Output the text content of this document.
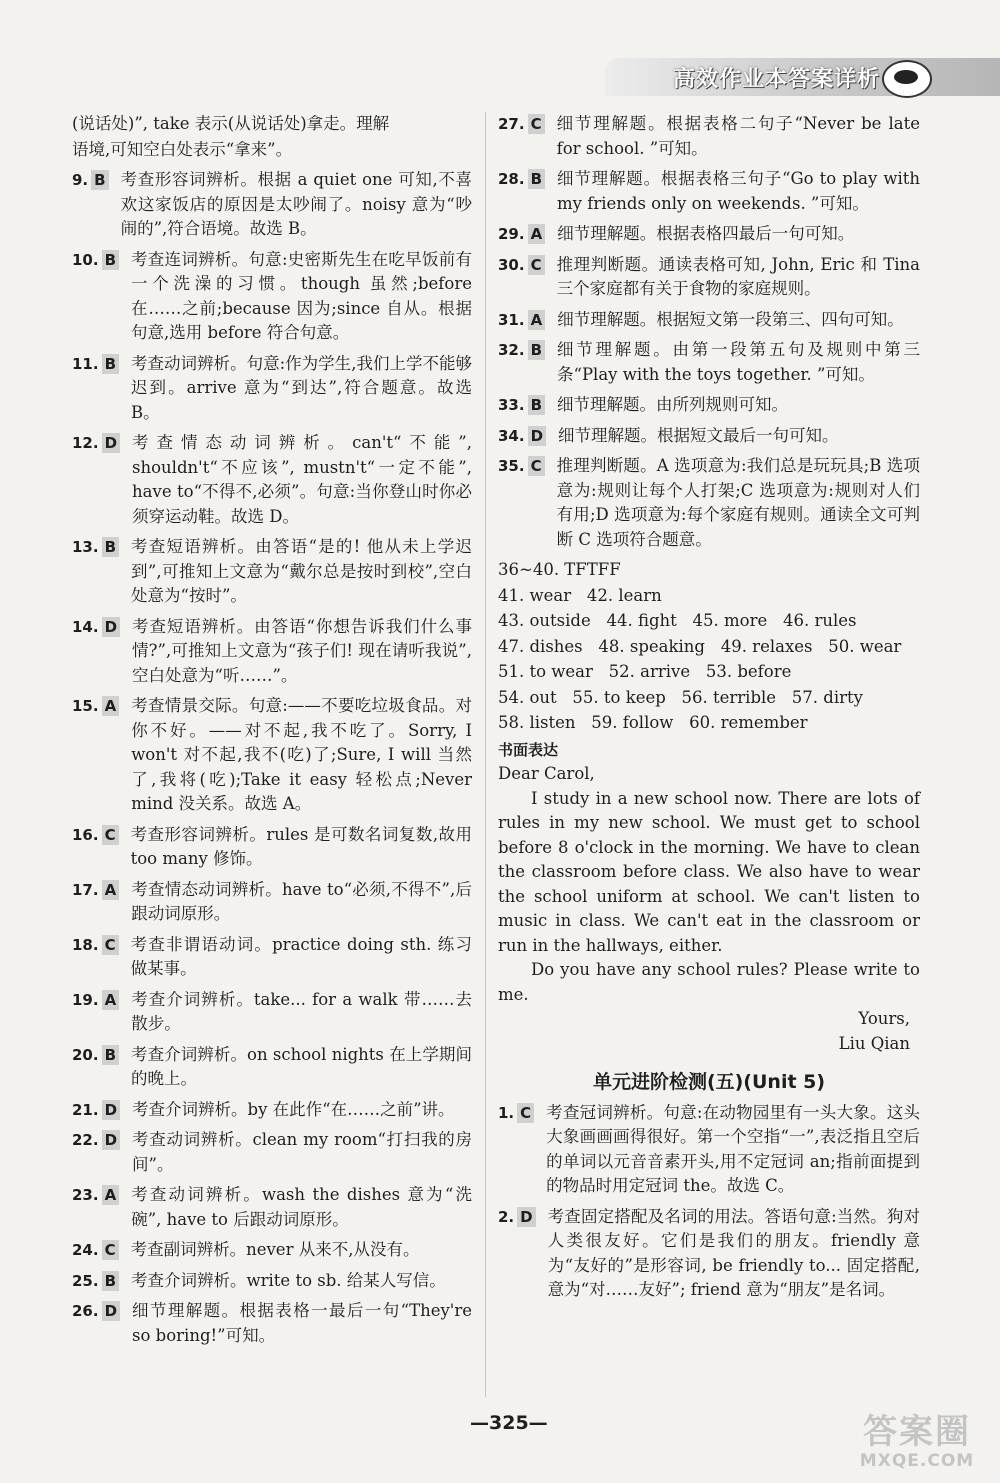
高效作业本答案详析
(说话处)”, take 表示(从说话处)拿走。理解
语境,可知空白处表示“拿来”。
9. B 考查形容词辨析。根据 a quiet one 可知,不喜欢这家饭店的原因是太吵闹了。noisy 意为“吵闹的”,符合语境。故选 B。
10. B 考查连词辨析。句意:史密斯先生在吃早饭前有一个洗澡的习惯。though 虽然;before 在……之前;because 因为;since 自从。根据句意,选用 before 符合句意。
11. B 考查动词辨析。句意:作为学生,我们上学不能够迟到。arrive 意为“到达”,符合题意。故选 B。
12. D 考查情态动词辨析。can't“不能”, shouldn't“不应该”, mustn't“一定不能”, have to“不得不,必须”。句意:当你登山时你必须穿运动鞋。故选 D。
13. B 考查短语辨析。由答语“是的! 他从未上学迟到”,可推知上文意为“戴尔总是按时到校”,空白处意为“按时”。
14. D 考查短语辨析。由答语“你想告诉我们什么事情?”,可推知上文意为“孩子们! 现在请听我说”,空白处意为“听……”。
15. A 考查情景交际。句意:——不要吃垃圾食品。对你不好。——对不起,我不吃了。Sorry, I won't 对不起,我不(吃)了;Sure, I will 当然了,我将(吃);Take it easy 轻松点;Never mind 没关系。故选 A。
16. C 考查形容词辨析。rules 是可数名词复数,故用 too many 修饰。
17. A 考查情态动词辨析。have to“必须,不得不”,后跟动词原形。
18. C 考查非谓语动词。practice doing sth. 练习做某事。
19. A 考查介词辨析。take... for a walk 带……去散步。
20. B 考查介词辨析。on school nights 在上学期间的晚上。
21. D 考查介词辨析。by 在此作“在……之前”讲。
22. D 考查动词辨析。clean my room“打扫我的房间”。
23. A 考查动词辨析。wash the dishes 意为“洗碗”, have to 后跟动词原形。
24. C 考查副词辨析。never 从来不,从没有。
25. B 考查介词辨析。write to sb. 给某人写信。
26. D 细节理解题。根据表格一最后一句“They're so boring!”可知。
27. C 细节理解题。根据表格二句子“Never be late for school. ”可知。
28. B 细节理解题。根据表格三句子“Go to play with my friends only on weekends. ”可知。
29. A 细节理解题。根据表格四最后一句可知。
30. C 推理判断题。通读表格可知, John, Eric 和 Tina 三个家庭都有关于食物的家庭规则。
31. A 细节理解题。根据短文第一段第三、四句可知。
32. B 细节理解题。由第一段第五句及规则中第三条“Play with the toys together. ”可知。
33. B 细节理解题。由所列规则可知。
34. D 细节理解题。根据短文最后一句可知。
35. C 推理判断题。A 选项意为:我们总是玩玩具;B 选项意为:规则让每个人打架;C 选项意为:规则对人们有用;D 选项意为:每个家庭有规则。通读全文可判断 C 选项符合题意。
36~40. TFTFF
41. wear   42. learn
43. outside   44. fight   45. more   46. rules
47. dishes   48. speaking   49. relaxes   50. wear
51. to wear   52. arrive   53. before
54. out   55. to keep   56. terrible   57. dirty
58. listen   59. follow   60. remember
书面表达

Dear Carol,

I study in a new school now. There are lots of rules in my new school. We must get to school before 8 o'clock in the morning. We have to clean the classroom before class. We also have to wear the school uniform at school. We can't listen to music in class. We can't eat in the classroom or run in the hallways, either.

Do you have any school rules? Please write to me.

Yours,
Liu Qian
单元进阶检测(五)(Unit 5)
1. C 考查冠词辨析。句意:在动物园里有一头大象。这头大象画画画得很好。第一个空指“一”,表泛指且空后的单词以元音音素开头,用不定冠词 an;指前面提到的物品时用定冠词 the。故选 C。
2. D 考查固定搭配及名词的用法。答语句意:当然。狗对人类很友好。它们是我们的朋友。friendly 意为“友好的”是形容词, be friendly to... 固定搭配,意为“对……友好”; friend 意为“朋友”是名词。
—325—	答案圈
MXQE.COM
